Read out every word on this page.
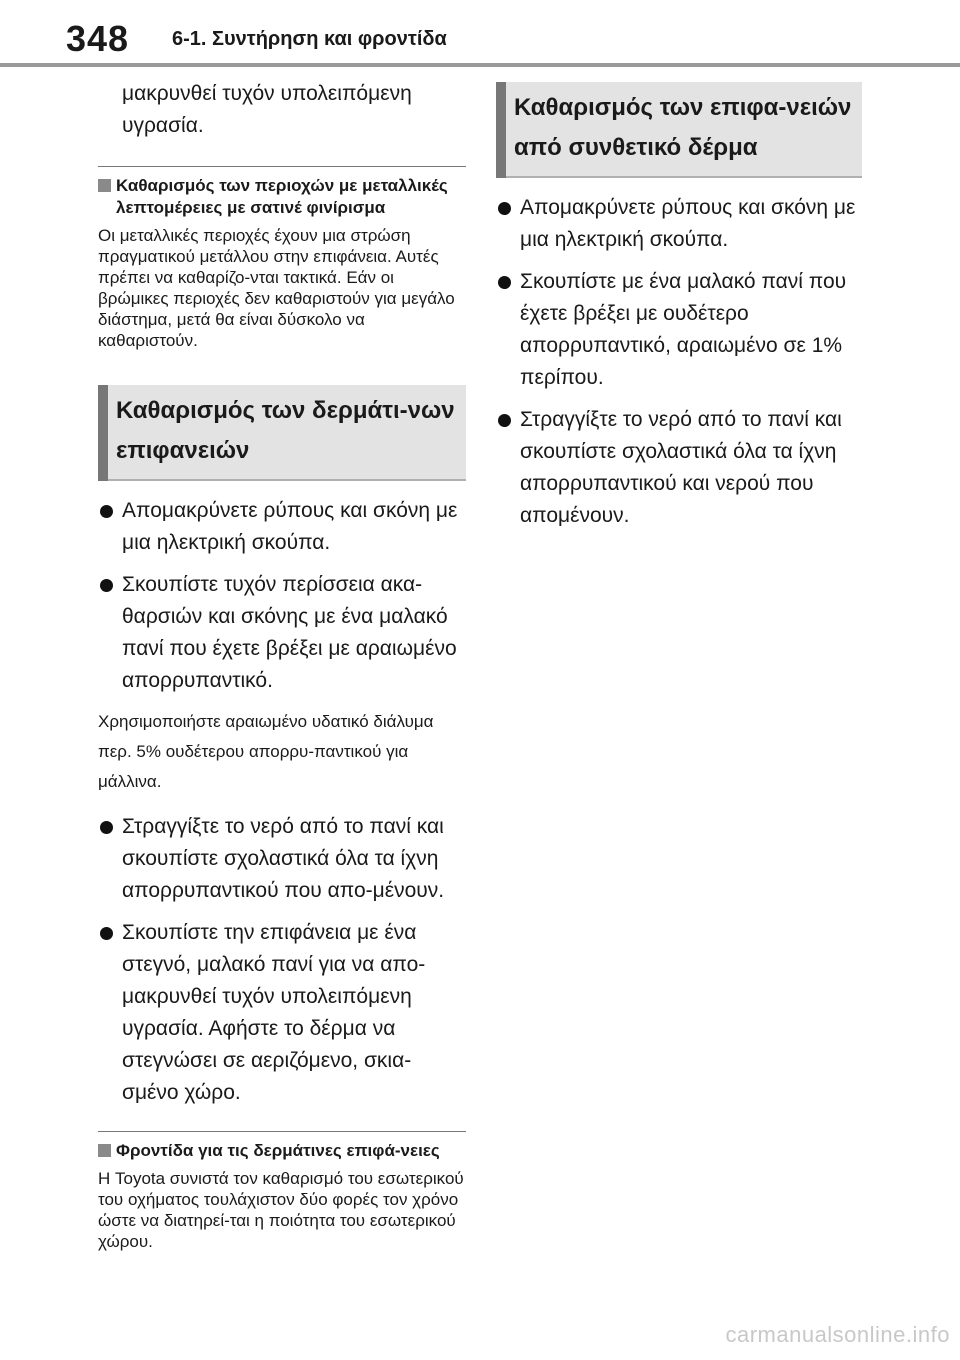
348 6-1. Συντήρηση και φροντίδα

μακρυνθεί τυχόν υπολειπόμενη υγρασία.

Καθαρισμός των περιοχών με μεταλλικές λεπτομέρειες με σατινέ φινίρισμα
Οι μεταλλικές περιοχές έχουν μια στρώση πραγματικού μετάλλου στην επιφάνεια. Αυτές πρέπει να καθαρίζο-νται τακτικά. Εάν οι βρώμικες περιοχές δεν καθαριστούν για μεγάλο διάστημα, μετά θα είναι δύσκολο να καθαριστούν.
Καθαρισμός των δερμάτι-νων επιφανειών
Απομακρύνετε ρύπους και σκόνη με μια ηλεκτρική σκούπα.
Σκουπίστε τυχόν περίσσεια ακα-θαρσιών και σκόνης με ένα μαλακό πανί που έχετε βρέξει με αραιωμένο απορρυπαντικό.
Χρησιμοποιήστε αραιωμένο υδατικό διάλυμα περ. 5% ουδέτερου απορρυ-παντικού για μάλλινα.
Στραγγίξτε το νερό από το πανί και σκουπίστε σχολαστικά όλα τα ίχνη απορρυπαντικού που απο-μένουν.
Σκουπίστε την επιφάνεια με ένα στεγνό, μαλακό πανί για να απο-μακρυνθεί τυχόν υπολειπόμενη υγρασία. Αφήστε το δέρμα να στεγνώσει σε αεριζόμενο, σκια-σμένο χώρο.
Φροντίδα για τις δερμάτινες επιφά-νειες
Η Toyota συνιστά τον καθαρισμό του εσωτερικού του οχήματος τουλάχιστον δύο φορές τον χρόνο ώστε να διατηρεί-ται η ποιότητα του εσωτερικού χώρου.
Καθαρισμός των επιφα-νειών από συνθετικό δέρμα
Απομακρύνετε ρύπους και σκόνη με μια ηλεκτρική σκούπα.
Σκουπίστε με ένα μαλακό πανί που έχετε βρέξει με ουδέτερο απορρυπαντικό, αραιωμένο σε 1% περίπου.
Στραγγίξτε το νερό από το πανί και σκουπίστε σχολαστικά όλα τα ίχνη απορρυπαντικού και νερού που απομένουν.
carmanualsonline.info
